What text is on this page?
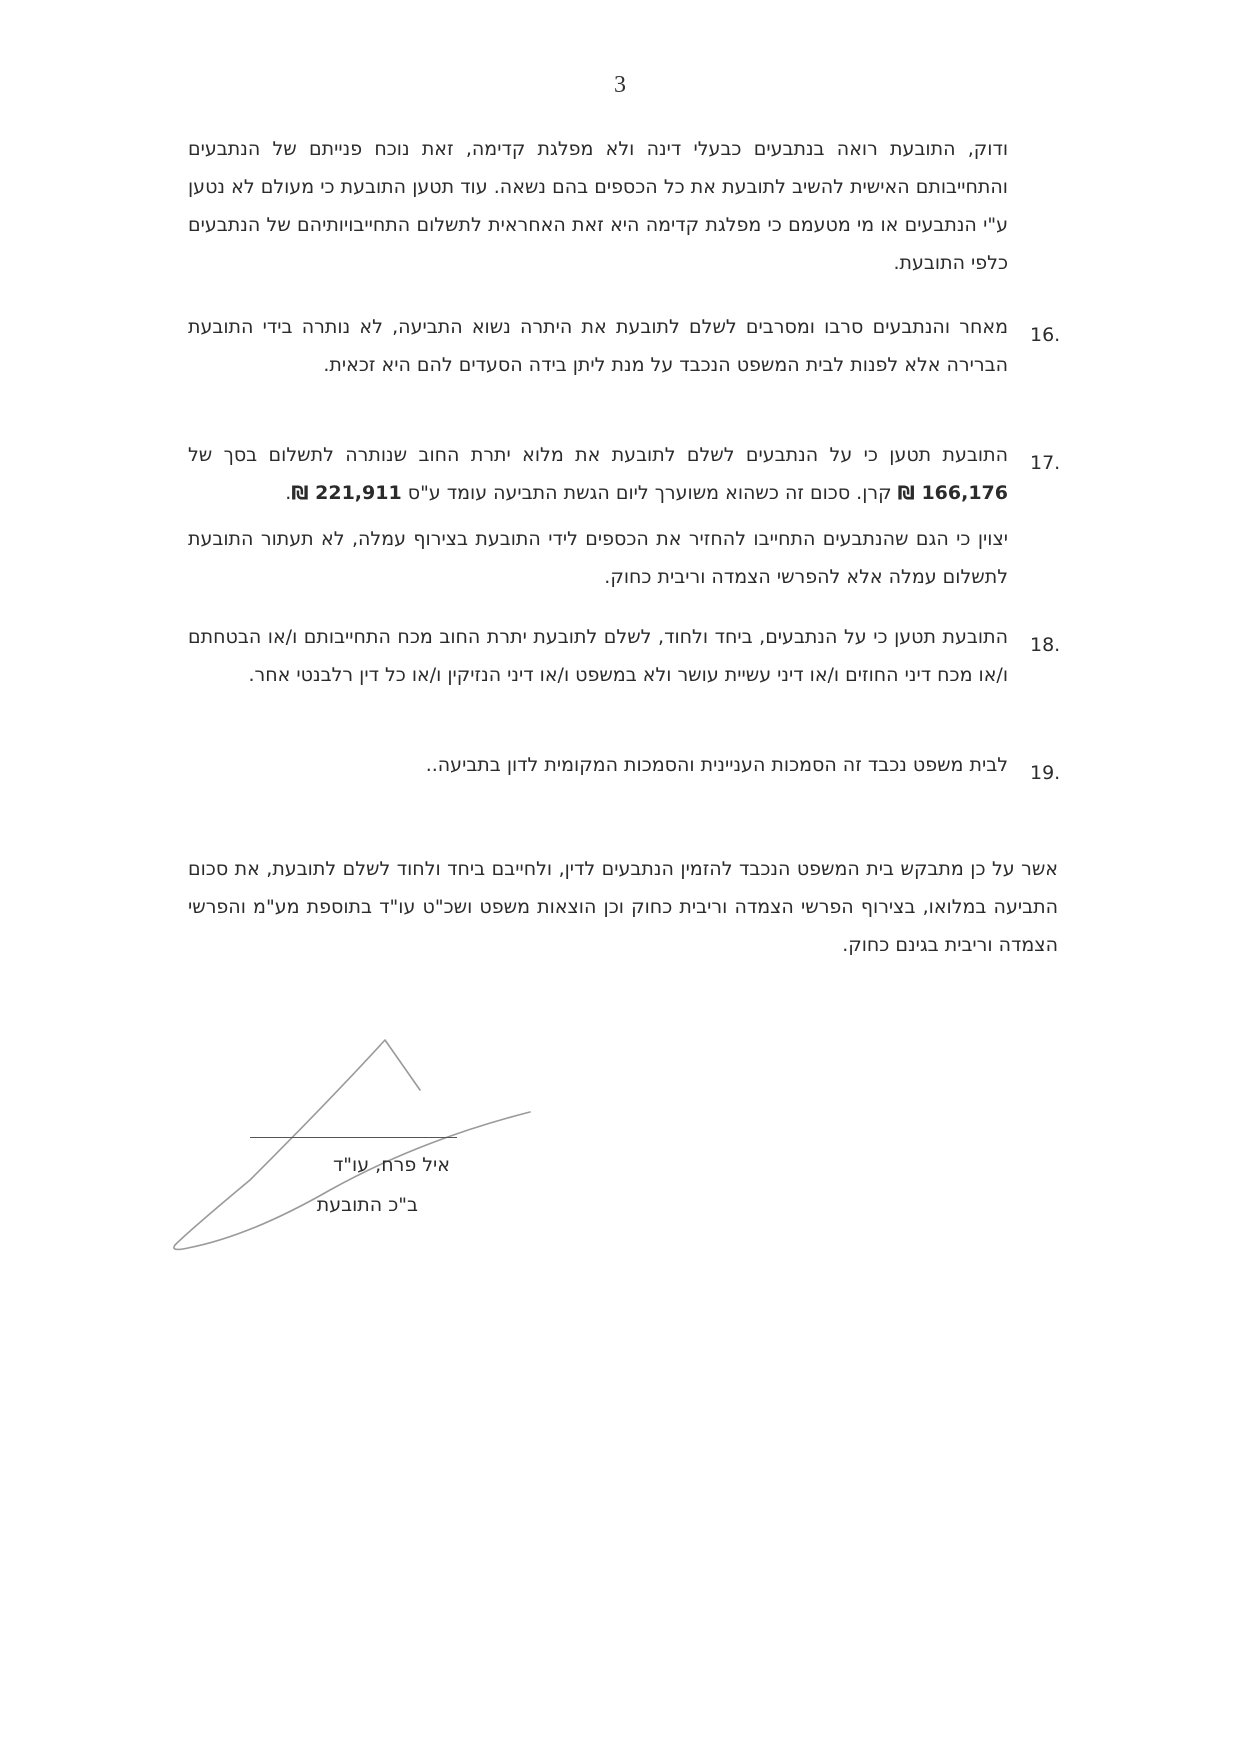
3
ודוק, התובעת רואה בנתבעים כבעלי דינה ולא מפלגת קדימה, זאת נוכח פנייתם של הנתבעים והתחייבותם האישית להשיב לתובעת את כל הכספים בהם נשאה. עוד תטען התובעת כי מעולם לא נטען ע"י הנתבעים או מי מטעמם כי מפלגת קדימה היא זאת האחראית לתשלום התחייבויותיהם של הנתבעים כלפי התובעת.
16.
מאחר והנתבעים סרבו ומסרבים לשלם לתובעת את היתרה נשוא התביעה, לא נותרה בידי התובעת הברירה אלא לפנות לבית המשפט הנכבד על מנת ליתן בידה הסעדים להם היא זכאית.
17.
התובעת תטען כי על הנתבעים לשלם לתובעת את מלוא יתרת החוב שנותרה לתשלום בסך של 166,176 ₪ קרן. סכום זה כשהוא משוערך ליום הגשת התביעה עומד ע"ס 221,911 ₪.
יצוין כי הגם שהנתבעים התחייבו להחזיר את הכספים לידי התובעת בצירוף עמלה, לא תעתור התובעת לתשלום עמלה אלא להפרשי הצמדה וריבית כחוק.
18.
התובעת תטען כי על הנתבעים, ביחד ולחוד, לשלם לתובעת יתרת החוב מכח התחייבותם ו/או הבטחתם ו/או מכח דיני החוזים ו/או דיני עשיית עושר ולא במשפט ו/או דיני הנזיקין ו/או כל דין רלבנטי אחר.
19.
לבית משפט נכבד זה הסמכות העניינית והסמכות המקומית לדון בתביעה..
אשר על כן מתבקש בית המשפט הנכבד להזמין הנתבעים לדין, ולחייבם ביחד ולחוד לשלם לתובעת, את סכום התביעה במלואו, בצירוף הפרשי הצמדה וריבית כחוק וכן הוצאות משפט ושכ"ט עו"ד בתוספת מע"מ והפרשי הצמדה וריבית בגינם כחוק.
איל פרח, עו"ד
ב"כ התובעת
